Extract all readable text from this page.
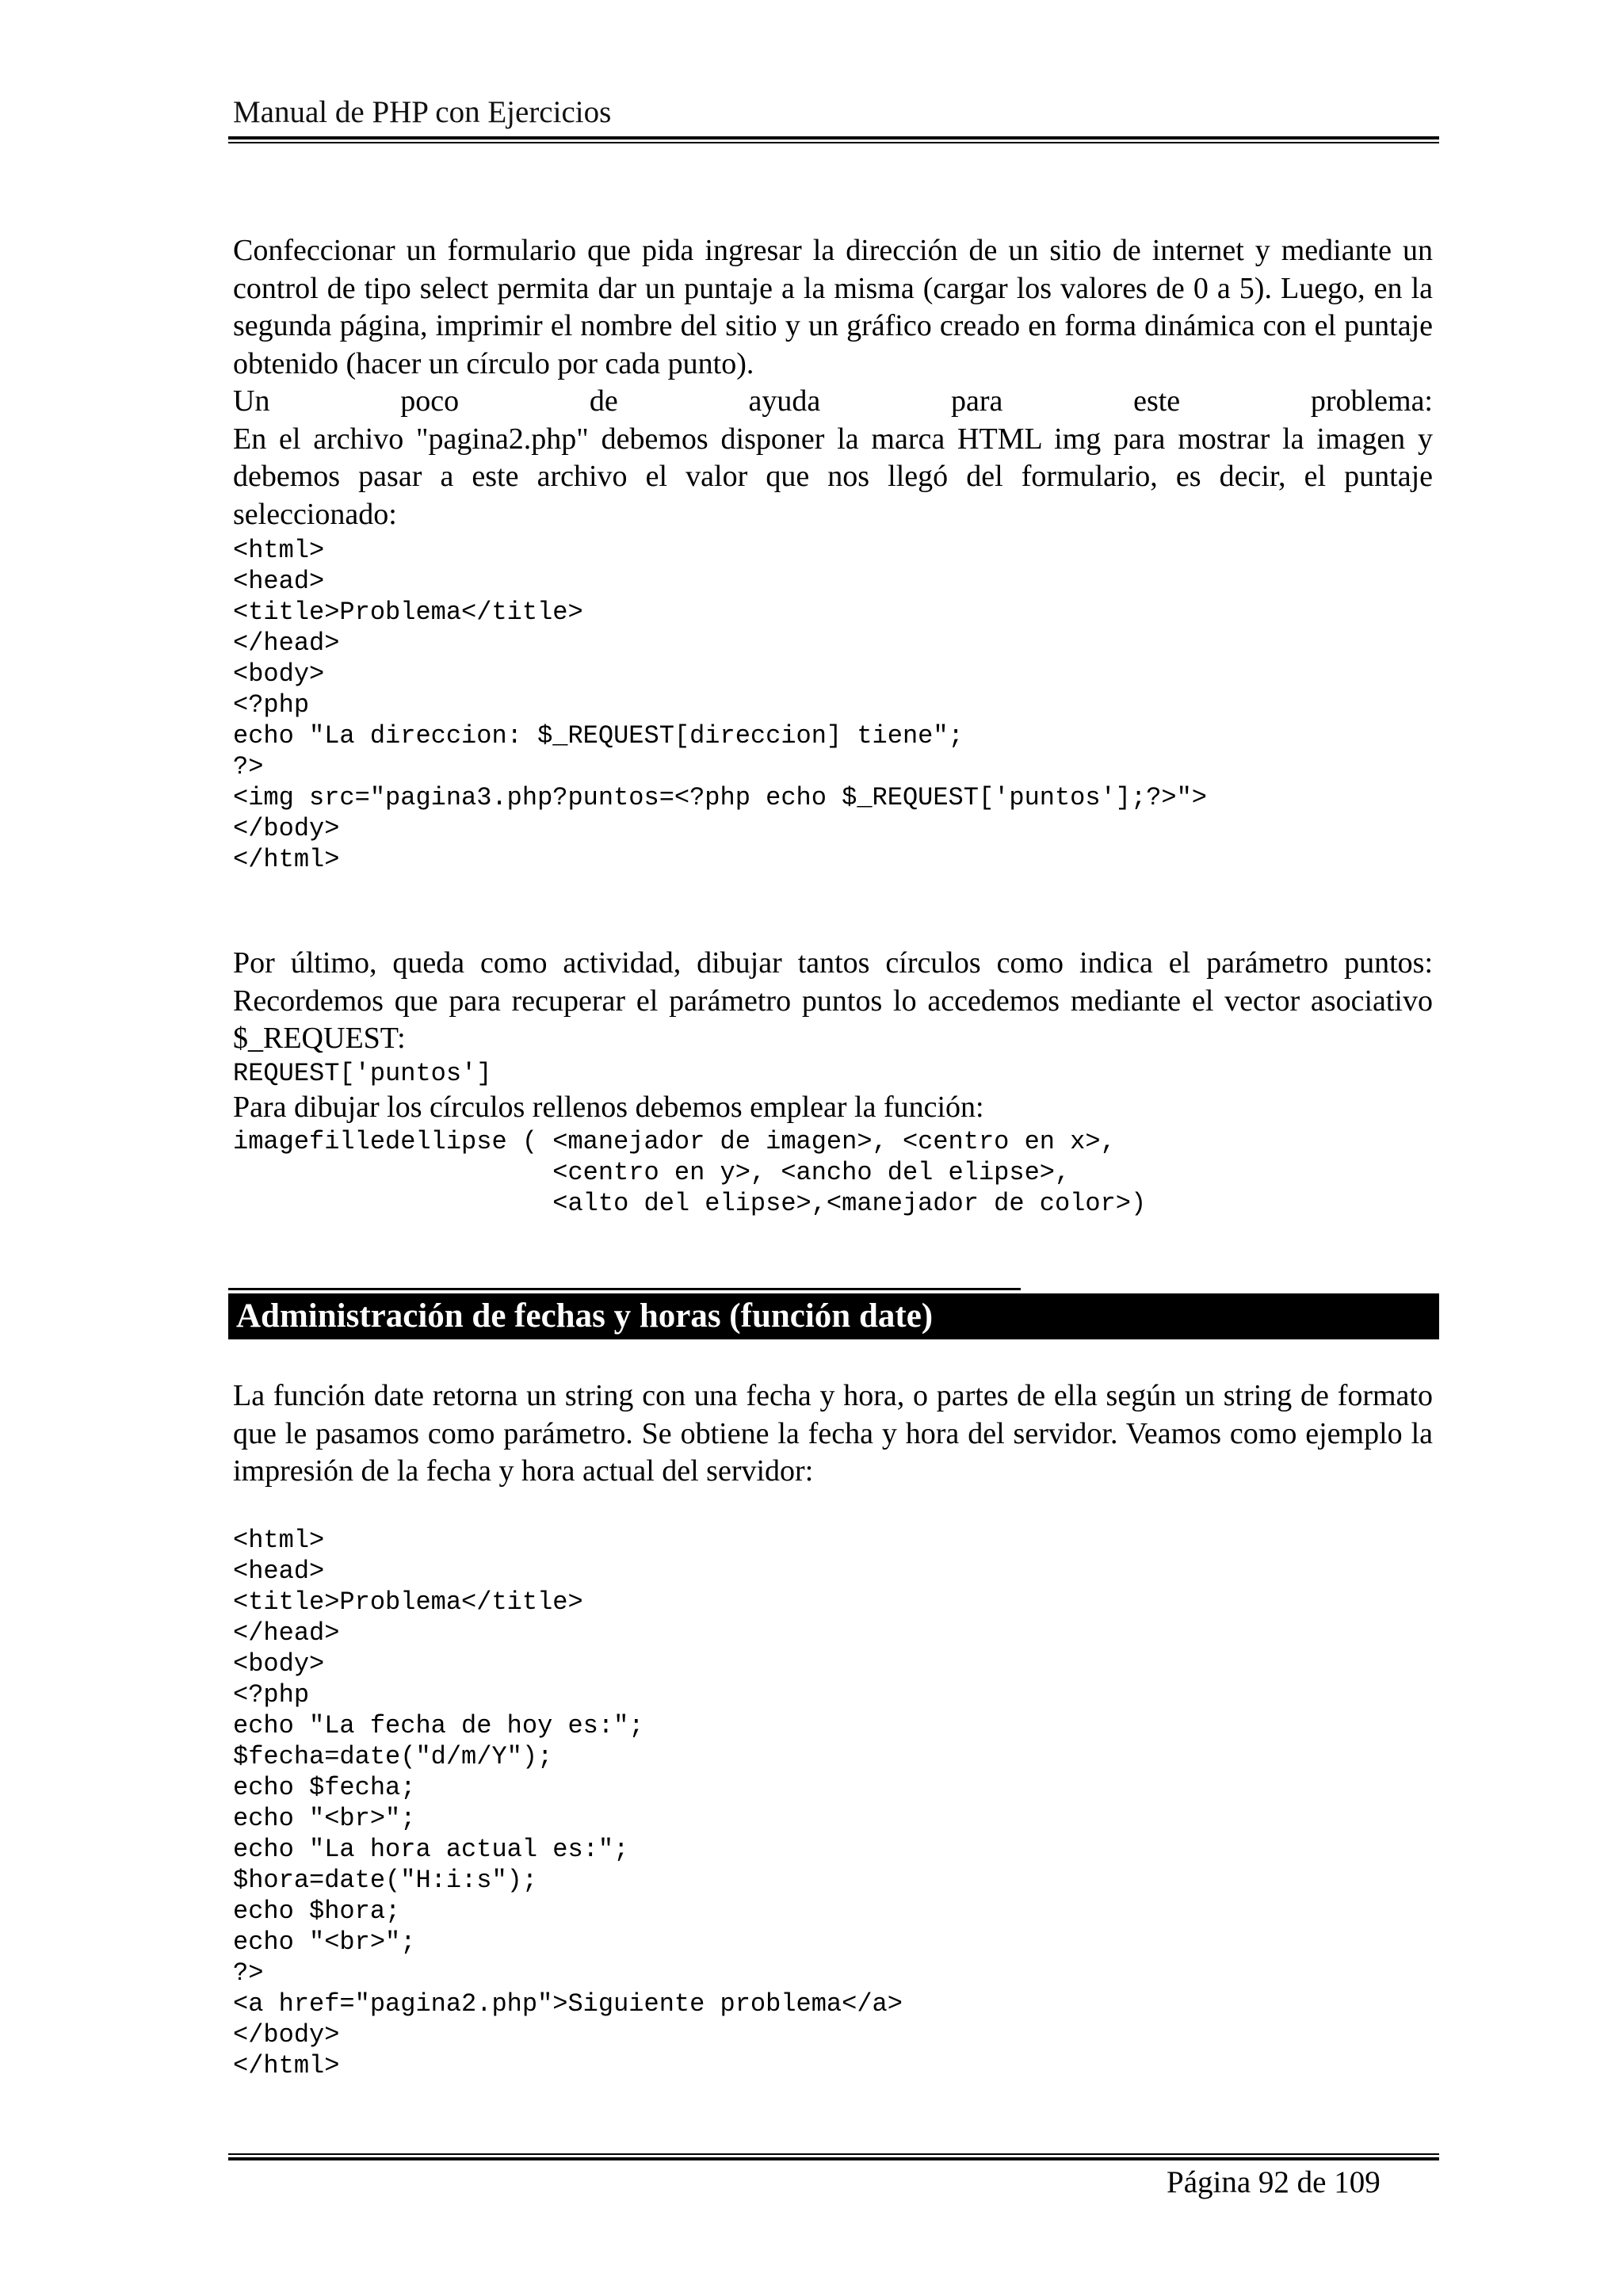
Manual de PHP con Ejercicios

Confeccionar un formulario que pida ingresar la dirección de un sitio de internet y mediante un control de tipo select permita dar un puntaje a la misma (cargar los valores de 0 a 5). Luego, en la segunda página, imprimir el nombre del sitio y un gráfico creado en forma dinámica con el puntaje obtenido (hacer un círculo por cada punto).

Un poco de ayuda para este problema:

En el archivo "pagina2.php" debemos disponer la marca HTML img para mostrar la imagen y debemos pasar a este archivo el valor que nos llegó del formulario, es decir, el puntaje seleccionado:

<html>
<head>
<title>Problema</title>
</head>
<body>
<?php
echo "La direccion: $_REQUEST[direccion] tiene";
?>
<img src="pagina3.php?puntos=<?php echo $_REQUEST['puntos'];?>">
</body>
</html>

Por último, queda como actividad, dibujar tantos círculos como indica el parámetro puntos: Recordemos que para recuperar el parámetro puntos lo accedemos mediante el vector asociativo $_REQUEST:

REQUEST['puntos']

Para dibujar los círculos rellenos debemos emplear la función:

imagefilledellipse ( <manejador de imagen>, <centro en x>,
<centro en y>, <ancho del elipse>,
<alto del elipse>,<manejador de color>)
Administración de fechas y horas (función date)

La función date retorna un string con una fecha y hora, o partes de ella según un string de formato que le pasamos como parámetro. Se obtiene la fecha y hora del servidor. Veamos como ejemplo la impresión de la fecha y hora actual del servidor:

<html>
<head>
<title>Problema</title>
</head>
<body>
<?php
echo "La fecha de hoy es:";
$fecha=date("d/m/Y");
echo $fecha;
echo "<br>";
echo "La hora actual es:";
$hora=date("H:i:s");
echo $hora;
echo "<br>";
?>
<a href="pagina2.php">Siguiente problema</a>
</body>
</html>
Página 92 de 109
